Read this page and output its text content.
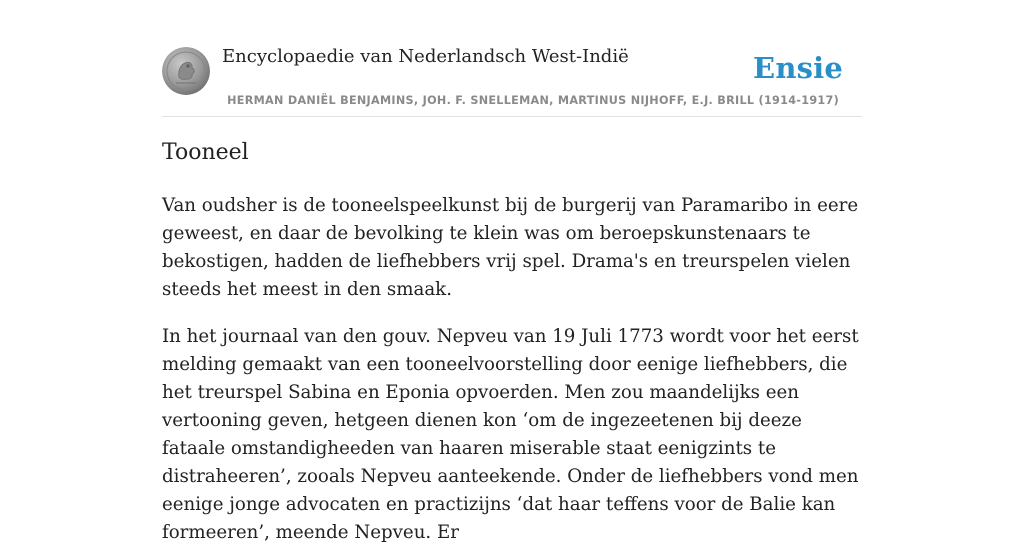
Encyclopaedie van Nederlandsch West-Indië	Ensie
HERMAN DANIËL BENJAMINS, JOH. F. SNELLEMAN, MARTINUS NIJHOFF, E.J. BRILL (1914-1917)
Tooneel

Van oudsher is de tooneelspeelkunst bij de burgerij van Paramaribo in eere geweest, en daar de bevolking te klein was om beroepskunstenaars te bekostigen, hadden de liefhebbers vrij spel. Drama's en treurspelen vielen steeds het meest in den smaak.

In het journaal van den gouv. Nepveu van 19 Juli 1773 wordt voor het eerst melding gemaakt van een tooneelvoorstelling door eenige liefhebbers, die het treurspel Sabina en Eponia opvoerden. Men zou maandelijks een vertooning geven, hetgeen dienen kon ‘om de ingezeetenen bij deeze fataale omstandigheeden van haaren miserable staat eenigzints te distraheeren’, zooals Nepveu aanteekende. Onder de liefhebbers vond men eenige jonge advocaten en practizijns ‘dat haar teffens voor de Balie kan formeeren’, meende Nepveu. Er
